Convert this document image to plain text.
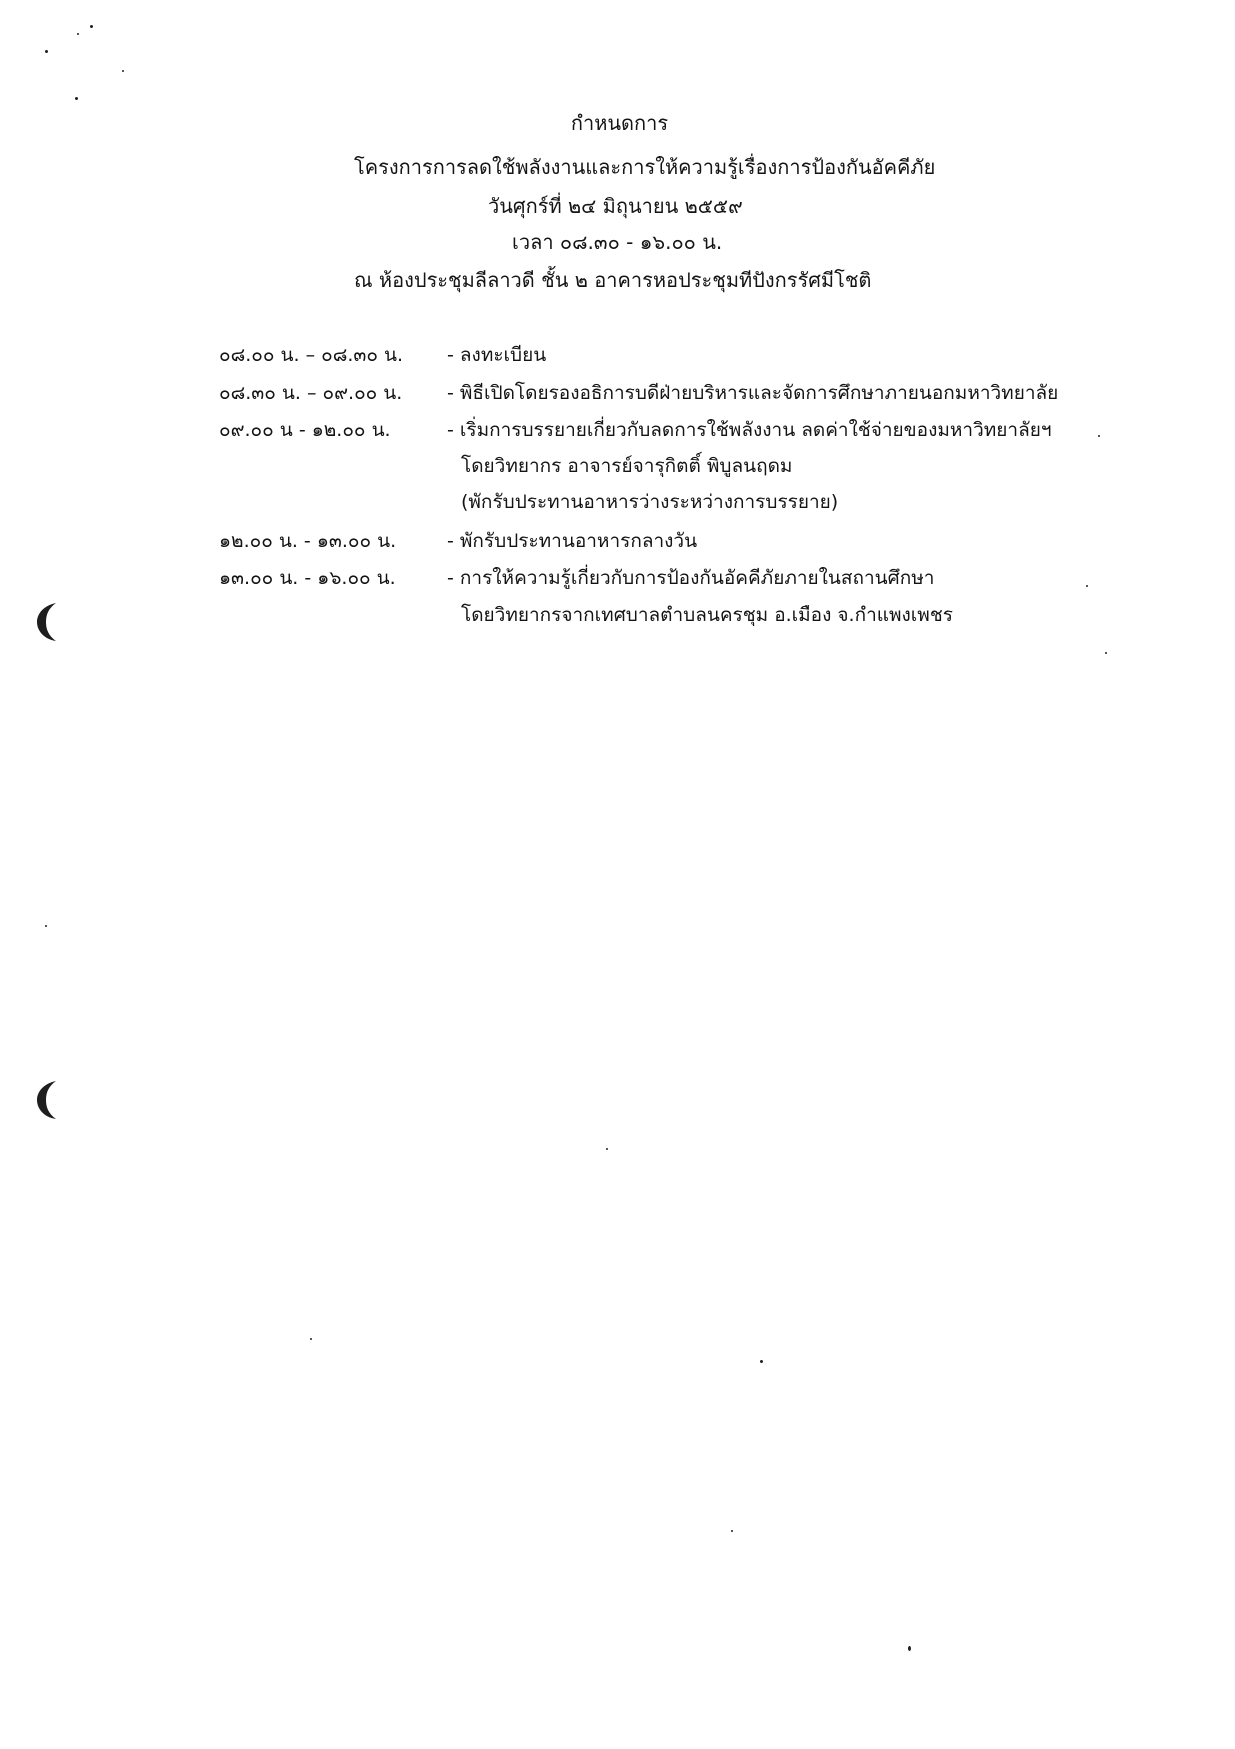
กำหนดการ
โครงการการลดใช้พลังงานและการให้ความรู้เรื่องการป้องกันอัคคีภัย
วันศุกร์ที่ ๒๔ มิถุนายน ๒๕๕๙
เวลา ๐๘.๓๐ - ๑๖.๐๐ น.
ณ ห้องประชุมลีลาวดี ชั้น ๒ อาคารหอประชุมทีปังกรรัศมีโชติ
๐๘.๐๐ น. – ๐๘.๓๐ น. - ลงทะเบียน
๐๘.๓๐ น. – ๐๙.๐๐ น. - พิธีเปิดโดยรองอธิการบดีฝ่ายบริหารและจัดการศึกษาภายนอกมหาวิทยาลัย
๐๙.๐๐ น - ๑๒.๐๐ น.	- เริ่มการบรรยายเกี่ยวกับลดการใช้พลังงาน ลดค่าใช้จ่ายของมหาวิทยาลัยฯ
โดยวิทยากร อาจารย์จารุกิตติ์ พิบูลนฤดม
(พักรับประทานอาหารว่างระหว่างการบรรยาย)
๑๒.๐๐ น. - ๑๓.๐๐ น.	- พักรับประทานอาหารกลางวัน
๑๓.๐๐ น. - ๑๖.๐๐ น.	- การให้ความรู้เกี่ยวกับการป้องกันอัคคีภัยภายในสถานศึกษา
โดยวิทยากรจากเทศบาลตำบลนครชุม อ.เมือง จ.กำแพงเพชร
